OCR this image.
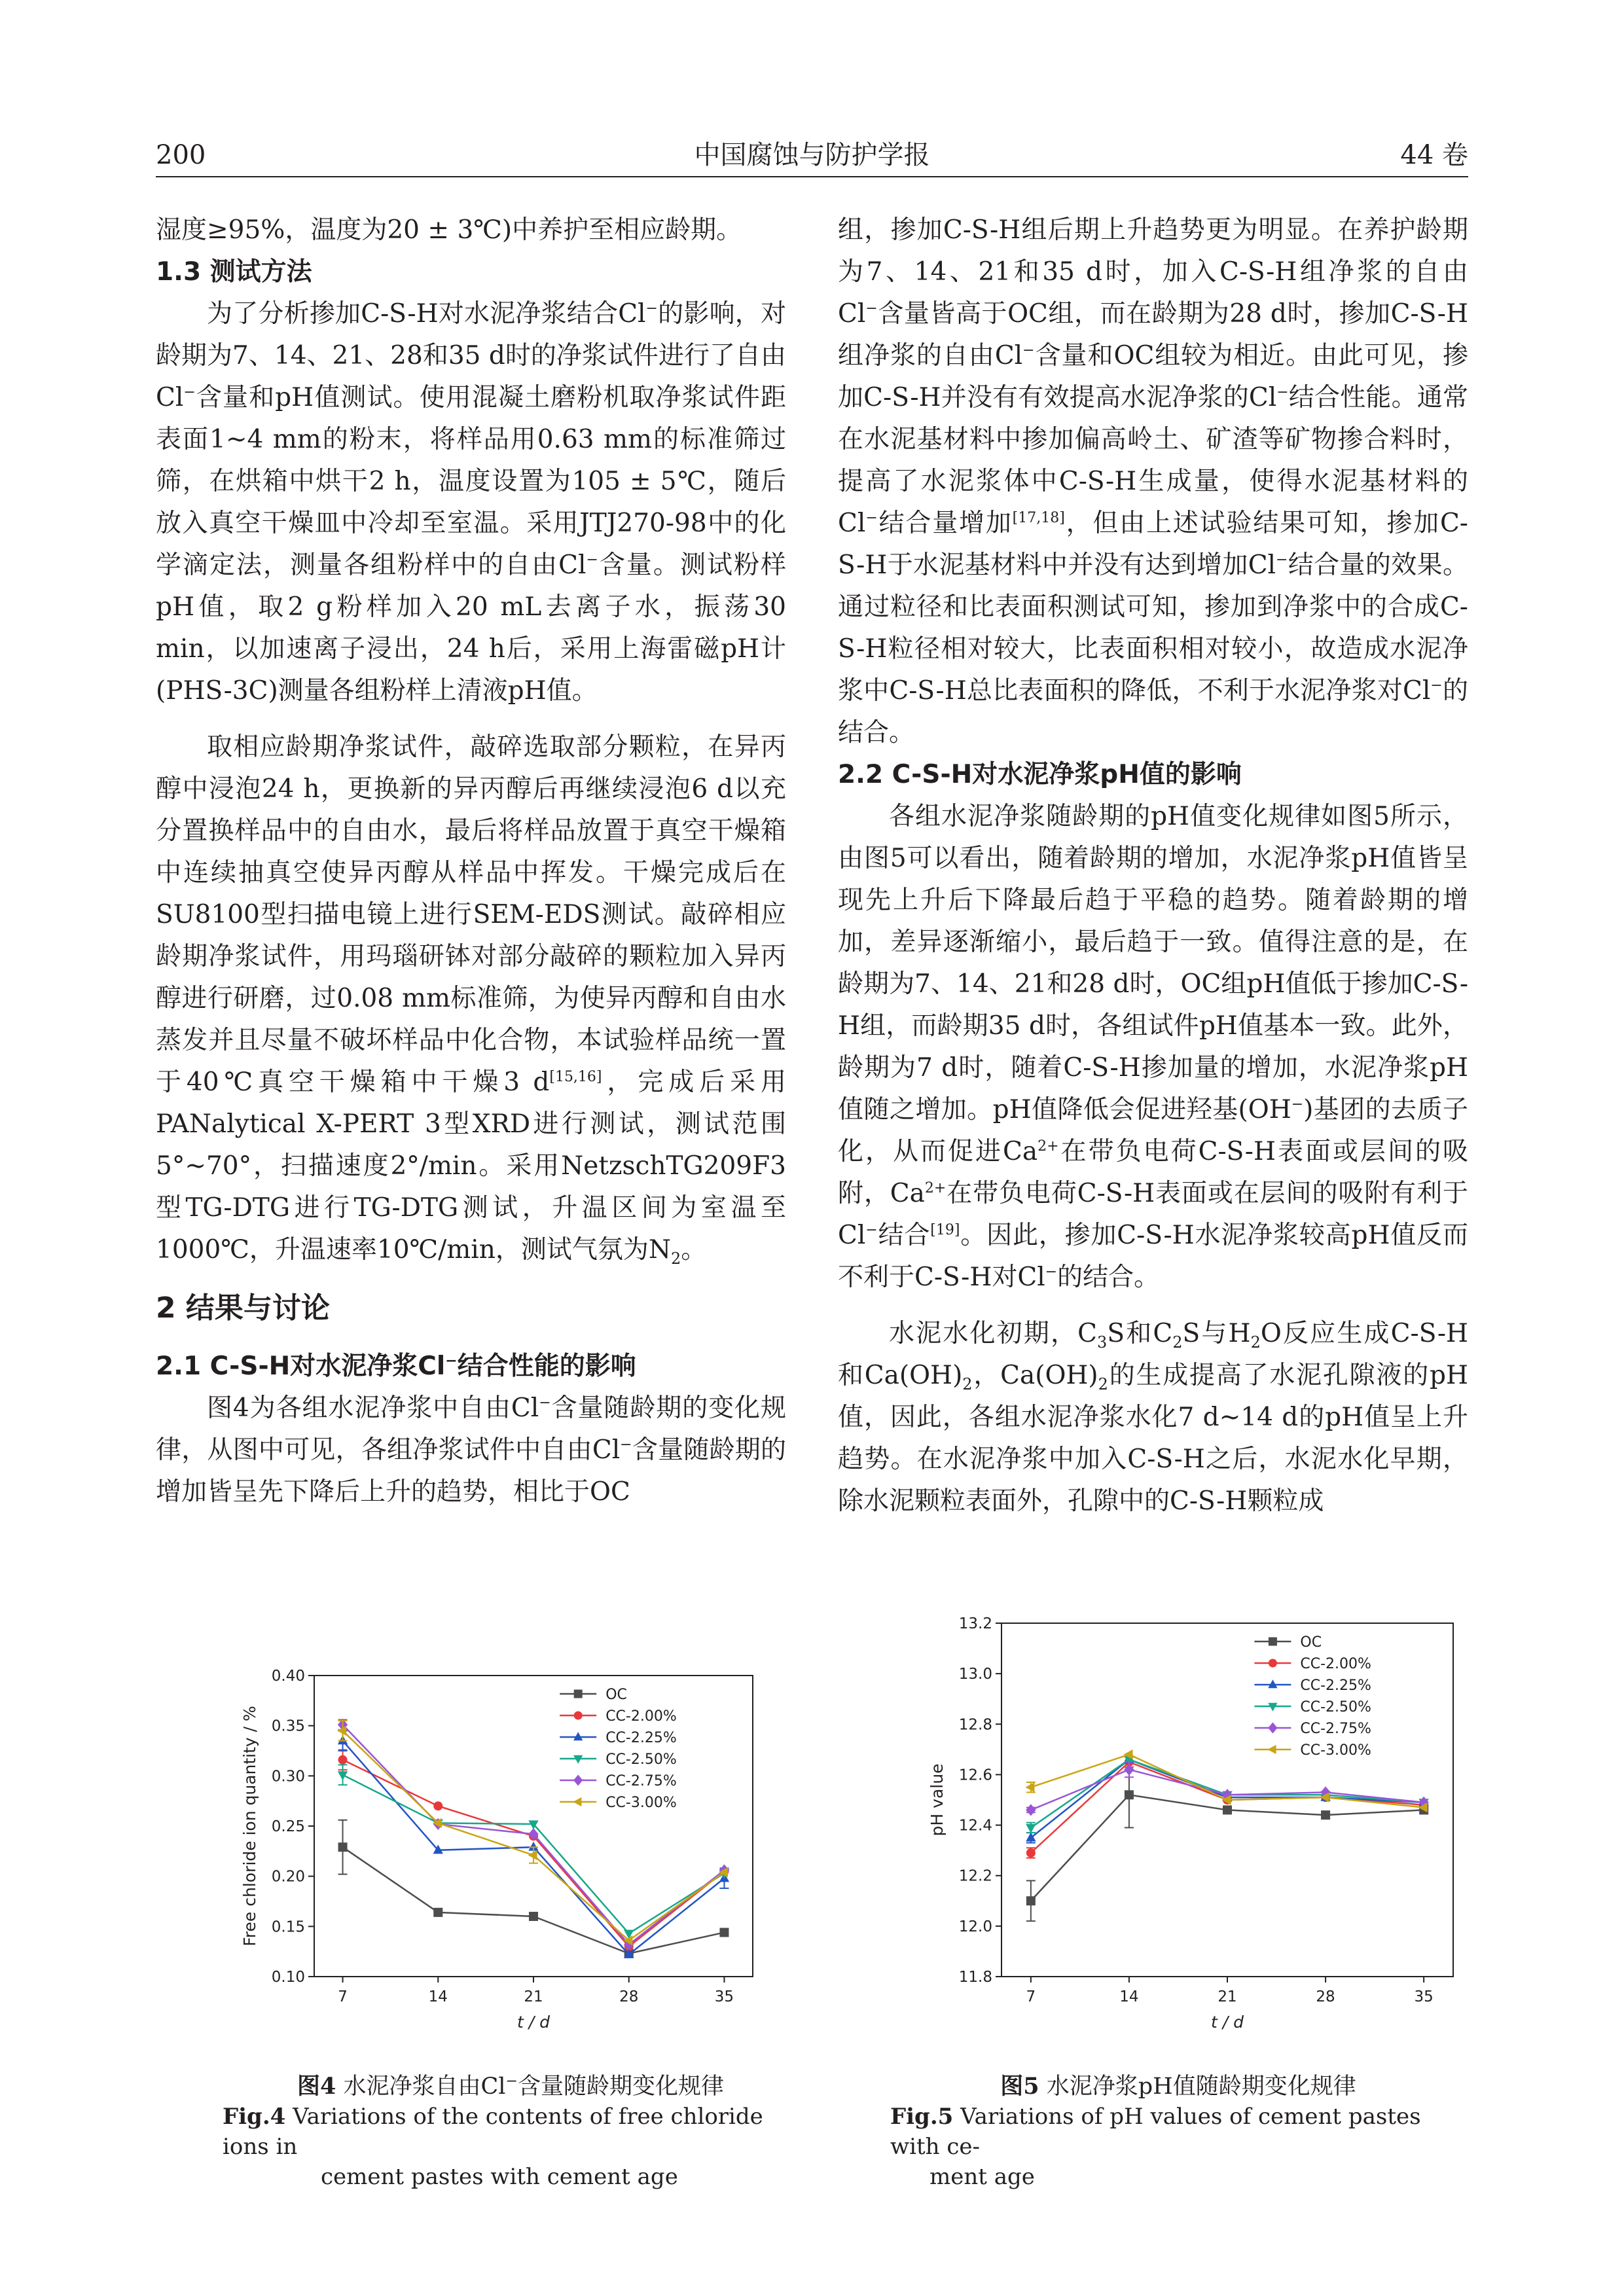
200	中国腐蚀与防护学报	44 卷

湿度≥95%，温度为20 ± 3℃)中养护至相应龄期。

1.3 测试方法

为了分析掺加C-S-H对水泥净浆结合Cl−的影响，对龄期为7、14、21、28和35 d时的净浆试件进行了自由Cl−含量和pH值测试。使用混凝土磨粉机取净浆试件距表面1~4 mm的粉末，将样品用0.63 mm的标准筛过筛，在烘箱中烘干2 h，温度设置为105 ± 5℃，随后放入真空干燥皿中冷却至室温。采用JTJ270-98中的化学滴定法，测量各组粉样中的自由Cl−含量。测试粉样pH值，取2 g粉样加入20 mL去离子水，振荡30 min，以加速离子浸出，24 h后，采用上海雷磁pH计(PHS-3C)测量各组粉样上清液pH值。

取相应龄期净浆试件，敲碎选取部分颗粒，在异丙醇中浸泡24 h，更换新的异丙醇后再继续浸泡6 d以充分置换样品中的自由水，最后将样品放置于真空干燥箱中连续抽真空使异丙醇从样品中挥发。干燥完成后在SU8100型扫描电镜上进行SEM-EDS测试。敲碎相应龄期净浆试件，用玛瑙研钵对部分敲碎的颗粒加入异丙醇进行研磨，过0.08 mm标准筛，为使异丙醇和自由水蒸发并且尽量不破坏样品中化合物，本试验样品统一置于40℃真空干燥箱中干燥3 d[15,16]，完成后采用PANalytical X-PERT 3型XRD进行测试，测试范围5°~70°，扫描速度2°/min。采用NetzschTG209F3型TG-DTG进行TG-DTG测试，升温区间为室温至1000℃，升温速率10℃/min，测试气氛为$N_2$。

2 结果与讨论
2.1 C-S-H对水泥净浆Cl−结合性能的影响

图4为各组水泥净浆中自由Cl−含量随龄期的变化规律，从图中可见，各组净浆试件中自由Cl−含量随龄期的增加皆呈先下降后上升的趋势，相比于OC

组，掺加C-S-H组后期上升趋势更为明显。在养护龄期为7、14、21和35 d时，加入C-S-H组净浆的自由Cl−含量皆高于OC组，而在龄期为28 d时，掺加C-S-H组净浆的自由Cl−含量和OC组较为相近。由此可见，掺加C-S-H并没有有效提高水泥净浆的Cl−结合性能。通常在水泥基材料中掺加偏高岭土、矿渣等矿物掺合料时，提高了水泥浆体中C-S-H生成量，使得水泥基材料的Cl−结合量增加[17,18]，但由上述试验结果可知，掺加C-S-H于水泥基材料中并没有达到增加Cl−结合量的效果。通过粒径和比表面积测试可知，掺加到净浆中的合成C-S-H粒径相对较大，比表面积相对较小，故造成水泥净浆中C-S-H总比表面积的降低，不利于水泥净浆对Cl−的结合。

2.2 C-S-H对水泥净浆pH值的影响

各组水泥净浆随龄期的pH值变化规律如图5所示，由图5可以看出，随着龄期的增加，水泥净浆pH值皆呈现先上升后下降最后趋于平稳的趋势。随着龄期的增加，差异逐渐缩小，最后趋于一致。值得注意的是，在龄期为7、14、21和28 d时，OC组pH值低于掺加C-S-H组，而龄期35 d时，各组试件pH值基本一致。此外，龄期为7 d时，随着C-S-H掺加量的增加，水泥净浆pH值随之增加。pH值降低会促进羟基(OH−)基团的去质子化，从而促进$Ca^{2+}$在带负电荷C-S-H表面或层间的吸附，$Ca^{2+}$在带负电荷C-S-H表面或在层间的吸附有利于Cl−结合[19]。因此，掺加C-S-H水泥净浆较高pH值反而不利于C-S-H对Cl−的结合。

水泥水化初期，$C_3S$和$C_2S$与$H_2O$反应生成C-S-H和$Ca(OH)_2$，$Ca(OH)_2$的生成提高了水泥孔隙液的pH值，因此，各组水泥净浆水化7 d~14 d的pH值呈上升趋势。在水泥净浆中加入C-S-H之后，水泥水化早期，除水泥颗粒表面外，孔隙中的C-S-H颗粒成

0.10
0.15
0.20
0.25
0.30
0.35
0.40
7	14	21	28	35
t / d
Free chloride ion quantity / %
OC
CC-2.00%
CC-2.25%
CC-2.50%
CC-2.75%
CC-3.00%
图4 水泥净浆自由Cl−含量随龄期变化规律
Fig.4 Variations of the contents of free chloride ions in
cement pastes with cement age
11.8
12.0
12.2
12.4
12.6
12.8
13.0
13.2
7	14	21	28	35
t / d
pH value
OC
CC-2.00%
CC-2.25%
CC-2.50%
CC-2.75%
CC-3.00%
图5 水泥净浆pH值随龄期变化规律
Fig.5 Variations of pH values of cement pastes with ce-
ment age
